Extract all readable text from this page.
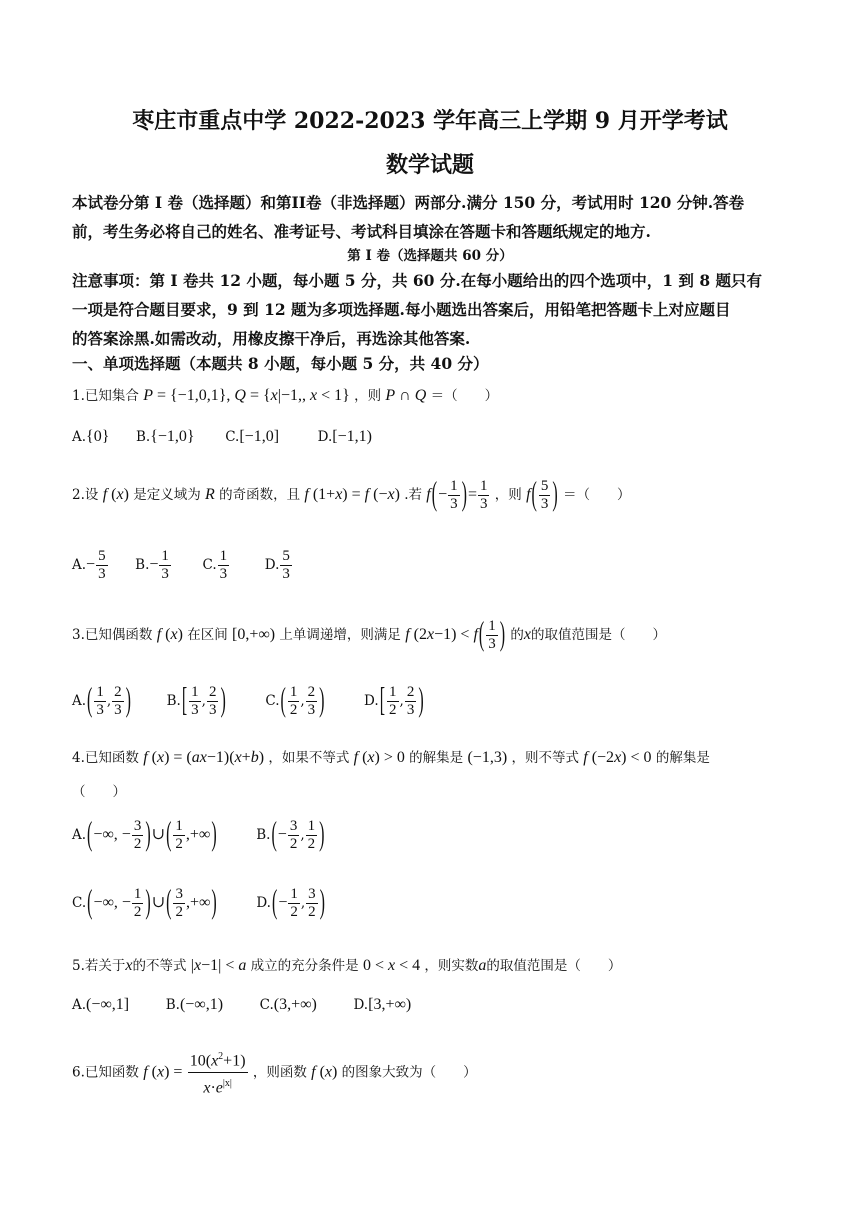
枣庄市重点中学 2022-2023 学年高三上学期 9 月开学考试
数学试题
本试卷分第 I 卷（选择题）和第II卷（非选择题）两部分.满分 150 分，考试用时 120 分钟.答卷
前，考生务必将自己的姓名、准考证号、考试科目填涂在答题卡和答题纸规定的地方.
第 I 卷（选择题共 60 分）
注意事项：第 I 卷共 12 小题，每小题 5 分，共 60 分.在每小题给出的四个选项中，1 到 8 题只有
一项是符合题目要求，9 到 12 题为多项选择题.每小题选出答案后，用铅笔把答题卡上对应题目
的答案涂黑.如需改动，用橡皮擦干净后，再选涂其他答案.
一、单项选择题（本题共 8 小题，每小题 5 分，共 40 分）
1.已知集合 P = {−1,0,1}, Q = {x|−1,, x < 1} ，则 P ∩ Q ＝（　　）
A.{0} B.{−1,0} C.[−1,0]	D.[−1,1)
2.设 f (x) 是定义域为 R 的奇函数，且 f (1+x) = f (−x) .若 $f(- \frac{1}{3}$ )= $\frac{1}{3}$ ，则 $f( \frac{5}{3}$ ) ＝（　　）
$A.- \frac{5}{3} B.- \frac{1}{3} C$. $\frac{1}{3}$	D. $\frac{5}{3}$
3.已知偶函数 f (x) 在区间 [0,+∞) 上单调递增，则满足 f $(2x-1) < f( \frac{1}{3}$ ) 的x的取值范围是（　　）
$A.( \frac{1}{3}$ , $\frac{2}{3}$ )	$B.[ \frac{1}{3}$ , $\frac{2}{3}$ )	$C.( \frac{1}{2}$ , $\frac{2}{3}$ )	$D.[ \frac{1}{2}$ , $\frac{2}{3}$ )
4.已知函数 f (x) = (ax−1)(x+b) ，如果不等式 f (x) > 0 的解集是 (−1,3) ，则不等式 f (−2x) < 0 的解集是
（　　）
A.(−∞, − $\frac{3}{2}$ )∪( $\frac{1}{2}$ ,+∞)	$B.(- \frac{3}{2}$ , $\frac{1}{2}$ )
C.(−∞, − $\frac{1}{2}$ )∪( $\frac{3}{2}$ ,+∞)	$D.(- \frac{1}{2}$ , $\frac{3}{2}$ )
5.若关于x的不等式 |x−1| < a 成立的充分条件是 0 < x < 4 ，则实数a的取值范围是（　　）
A.(−∞,1]	B.(−∞,1)	C.(3,+∞)	D.[3,+∞)
6.已知函数 f $(x) = \frac{10(x^2+1)}{x\cdot e^{|x|}}$ ，则函数 f (x) 的图象大致为（　　）
